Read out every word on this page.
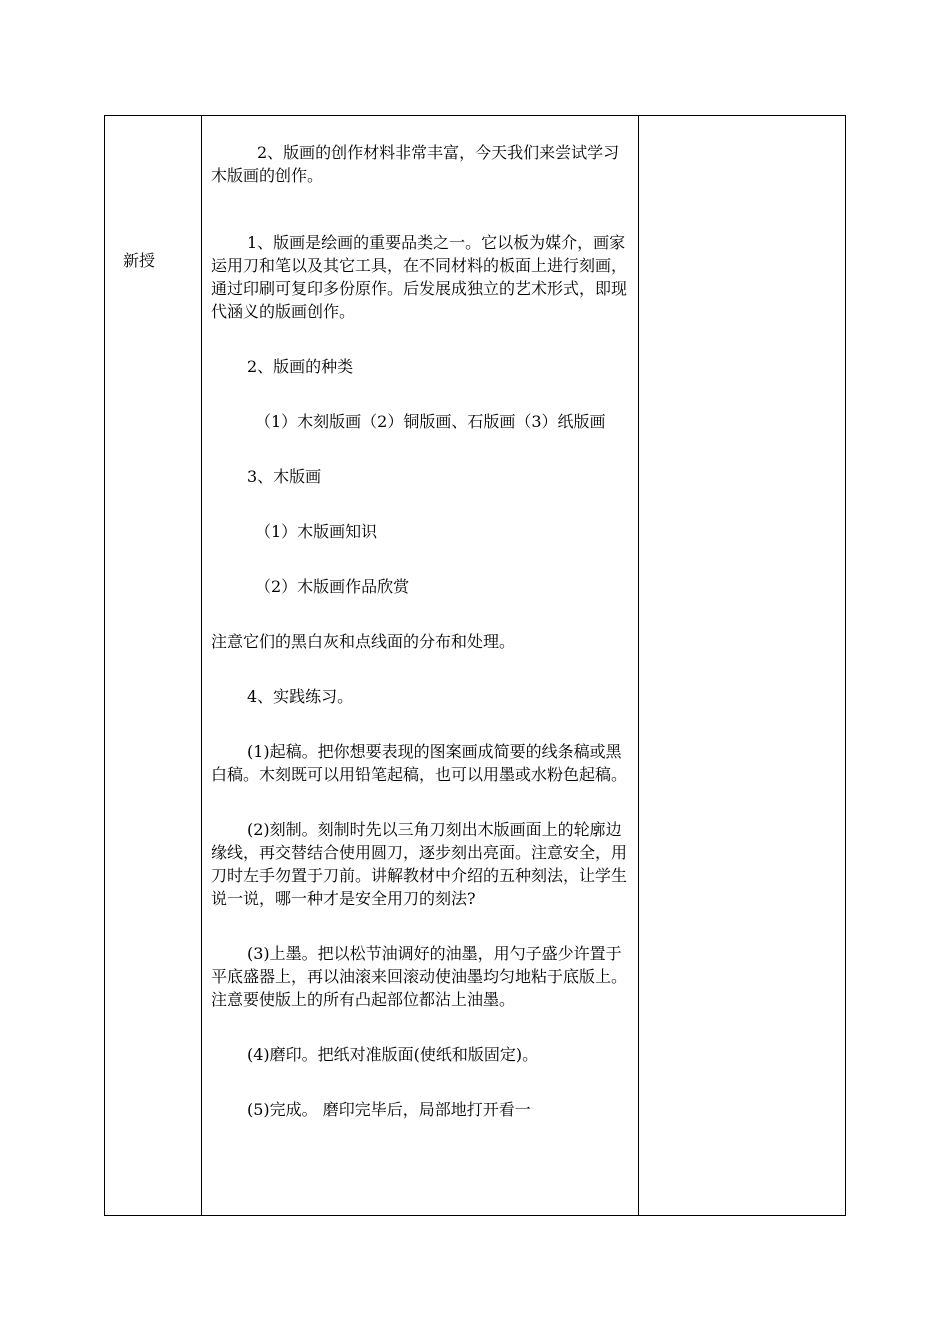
新授

2、版画的创作材料非常丰富，今天我们来尝试学习木版画的创作。

1、版画是绘画的重要品类之一。它以板为媒介，画家运用刀和笔以及其它工具，在不同材料的板面上进行刻画，通过印刷可复印多份原作。后发展成独立的艺术形式，即现代涵义的版画创作。

2、版画的种类

（1）木刻版画（2）铜版画、石版画（3）纸版画

3、木版画

（1）木版画知识

（2）木版画作品欣赏

注意它们的黑白灰和点线面的分布和处理。

4、实践练习。

(1)起稿。把你想要表现的图案画成简要的线条稿或黑白稿。木刻既可以用铅笔起稿，也可以用墨或水粉色起稿。

(2)刻制。刻制时先以三角刀刻出木版画面上的轮廓边缘线，再交替结合使用圆刀，逐步刻出亮面。注意安全，用刀时左手勿置于刀前。讲解教材中介绍的五种刻法，让学生说一说，哪一种才是安全用刀的刻法?

(3)上墨。把以松节油调好的油墨，用勺子盛少许置于平底盛器上，再以油滚来回滚动使油墨均匀地粘于底版上。注意要使版上的所有凸起部位都沾上油墨。

(4)磨印。把纸对准版面(使纸和版固定)。

(5)完成。 磨印完毕后，局部地打开看一
